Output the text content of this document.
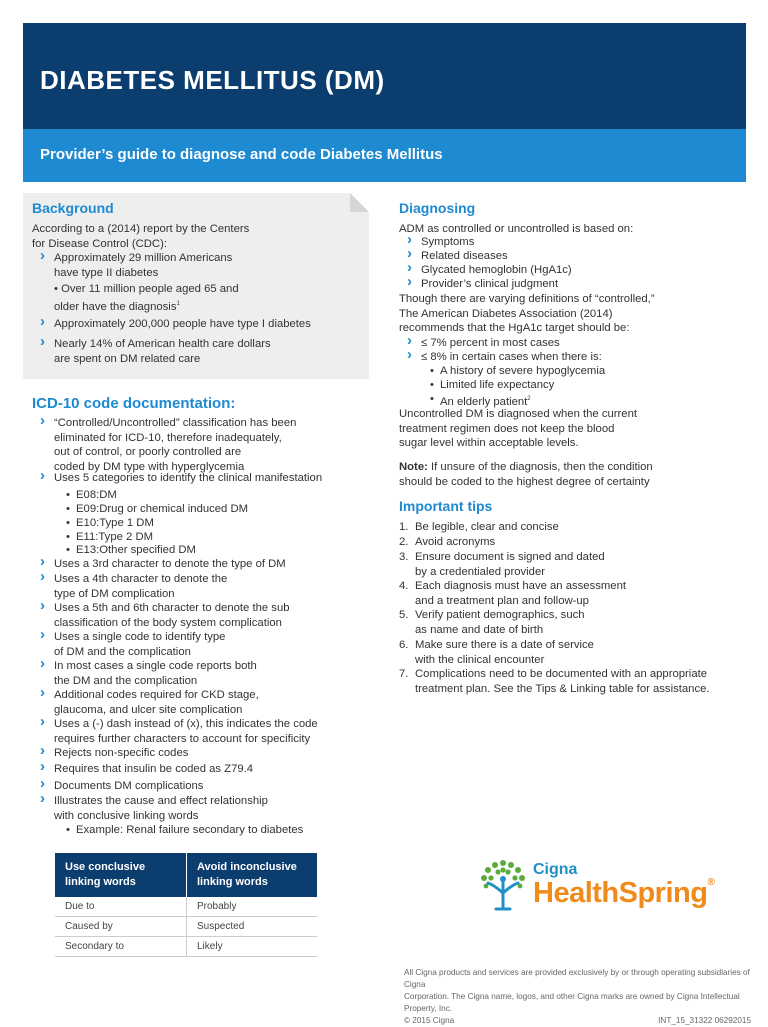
DIABETES MELLITUS (DM)
Provider’s guide to diagnose and code Diabetes Mellitus
Background
According to a (2014) report by the Centers
for Disease Control (CDC):
› Approximately 29 million Americans
have type II diabetes
• Over 11 million people aged 65 and
older have the diagnosis$^1$
› Approximately 200,000 people have type I diabetes
› Nearly 14% of American health care dollars
are spent on DM related care
ICD-10 code documentation:
› “Controlled/Uncontrolled” classification has been
eliminated for ICD-10, therefore inadequately,
out of control, or poorly controlled are
coded by DM type with hyperglycemia
› Uses 5 categories to identify the clinical manifestation
• E08:DM
• E09:Drug or chemical induced DM
• E10:Type 1 DM
• E11:Type 2 DM
• E13:Other specified DM
› Uses a 3rd character to denote the type of DM
› Uses a 4th character to denote the
type of DM complication
› Uses a 5th and 6th character to denote the sub
classification of the body system complication
› Uses a single code to identify type
of DM and the complication
› In most cases a single code reports both
the DM and the complication
› Additional codes required for CKD stage,
glaucoma, and ulcer site complication
› Uses a (-) dash instead of (x), this indicates the code
requires further characters to account for specificity
› Rejects non-specific codes
› Requires that insulin be coded as Z79.4
› Documents DM complications
› Illustrates the cause and effect relationship
with conclusive linking words
• Example: Renal failure secondary to diabetes
Use conclusive linking words	Avoid inconclusive linking words
Due to	Probably
Caused by	Suspected
Secondary to	Likely
Diagnosing
ADM as controlled or uncontrolled is based on:
› Symptoms
› Related diseases
› Glycated hemoglobin (HgA1c)
› Provider’s clinical judgment
Though there are varying definitions of “controlled,”
The American Diabetes Association (2014)
recommends that the HgA1c target should be:
› ≤ 7% percent in most cases
› ≤ 8% in certain cases when there is:
• A history of severe hypoglycemia
• Limited life expectancy
• An elderly patient$^2$
Uncontrolled DM is diagnosed when the current
treatment regimen does not keep the blood
sugar level within acceptable levels.
Note: If unsure of the diagnosis, then the condition
should be coded to the highest degree of certainty
Important tips
1. Be legible, clear and concise
2. Avoid acronyms
3. Ensure document is signed and dated
by a credentialed provider
4. Each diagnosis must have an assessment
and a treatment plan and follow-up
5. Verify patient demographics, such
as name and date of birth
6. Make sure there is a date of service
with the clinical encounter
7. Complications need to be documented with an appropriate
treatment plan. See the Tips & Linking table for assistance.
Cigna
HealthSpring®
All Cigna products and services are provided exclusively by or through operating subsidiaries of Cigna
Corporation. The Cigna name, logos, and other Cigna marks are owned by Cigna Intellectual Property, Inc.
© 2015 Cigna	INT_15_31322 06292015
